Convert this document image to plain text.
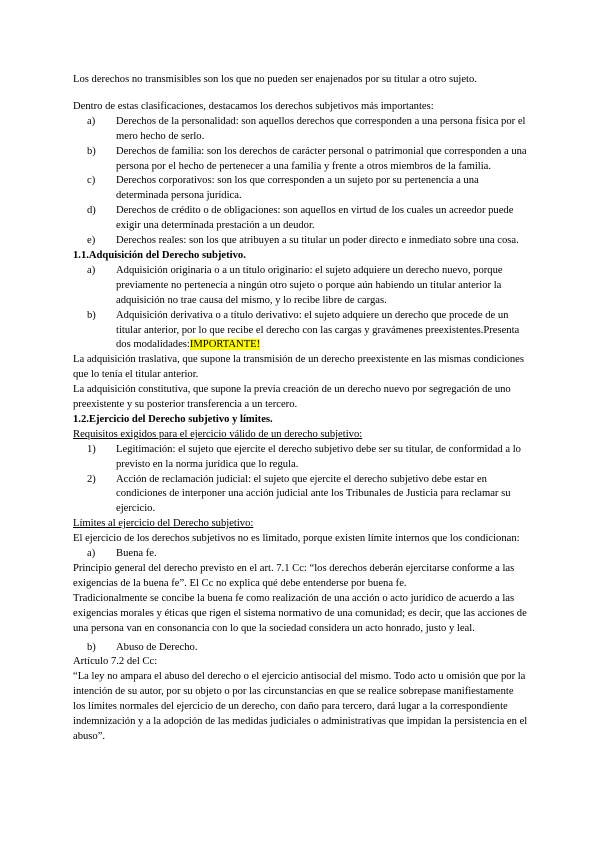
Los derechos no transmisibles son los que no pueden ser enajenados por su titular a otro sujeto.

Dentro de estas clasificaciones, destacamos los derechos subjetivos más importantes:

a)	Derechos de la personalidad: son aquellos derechos que corresponden a una persona física por el mero hecho de serlo.
b)	Derechos de familia: son los derechos de carácter personal o patrimonial que corresponden a una persona por el hecho de pertenecer a una familia y frente a otros miembros de la familia.
c)	Derechos corporativos: son los que corresponden a un sujeto por su pertenencia a una determinada persona jurídica.
d)	Derechos de crédito o de obligaciones: son aquellos en virtud de los cuales un acreedor puede exigir una determinada prestación a un deudor.
e)	Derechos reales: son los que atribuyen a su titular un poder directo e inmediato sobre una cosa.

1.1.Adquisición del Derecho subjetivo.

a)	Adquisición originaria o a un título originario: el sujeto adquiere un derecho nuevo, porque previamente no pertenecía a ningún otro sujeto o porque aún habiendo un titular anterior la adquisición no trae causa del mismo, y lo recibe libre de cargas.
b)	Adquisición derivativa o a título derivativo: el sujeto adquiere un derecho que procede de un titular anterior, por lo que recibe el derecho con las cargas y gravámenes preexistentes.Presenta dos modalidades:IMPORTANTE!

La adquisición traslativa, que supone la transmisión de un derecho preexistente en las mismas condiciones que lo tenía el titular anterior.

La adquisición constitutiva, que supone la previa creación de un derecho nuevo por segregación de uno preexistente y su posterior transferencia a un tercero.

1.2.Ejercicio del Derecho subjetivo y límites.

Requisitos exigidos para el ejercicio válido de un derecho subjetivo:

1)	Legitimación: el sujeto que ejercite el derecho subjetivo debe ser su titular, de conformidad a lo previsto en la norma jurídica que lo regula.
2)	Acción de reclamación judicial: el sujeto que ejercite el derecho subjetivo debe estar en condiciones de interponer una acción judicial ante los Tribunales de Justicia para reclamar su ejercicio.

Límites al ejercicio del Derecho subjetivo:

El ejercicio de los derechos subjetivos no es limitado, porque existen límite internos que los condicionan:

a)	Buena fe.

Principio general del derecho previsto en el art. 7.1 Cc: “los derechos deberán ejercitarse conforme a las exigencias de la buena fe”. El Cc no explica qué debe entenderse por buena fe.

Tradicionalmente se concibe la buena fe como realización de una acción o acto jurídico de acuerdo a las exigencias morales y éticas que rigen el sistema normativo de una comunidad; es decir, que las acciones de una persona van en consonancia con lo que la sociedad considera un acto honrado, justo y leal.

b)	Abuso de Derecho.

Artículo 7.2 del Cc:

“La ley no ampara el abuso del derecho o el ejercicio antisocial del mismo. Todo acto u omisión que por la intención de su autor, por su objeto o por las circunstancias en que se realice sobrepase manifiestamente los límites normales del ejercicio de un derecho, con daño para tercero, dará lugar a la correspondiente indemnización y a la adopción de las medidas judiciales o administrativas que impidan la persistencia en el abuso”.
